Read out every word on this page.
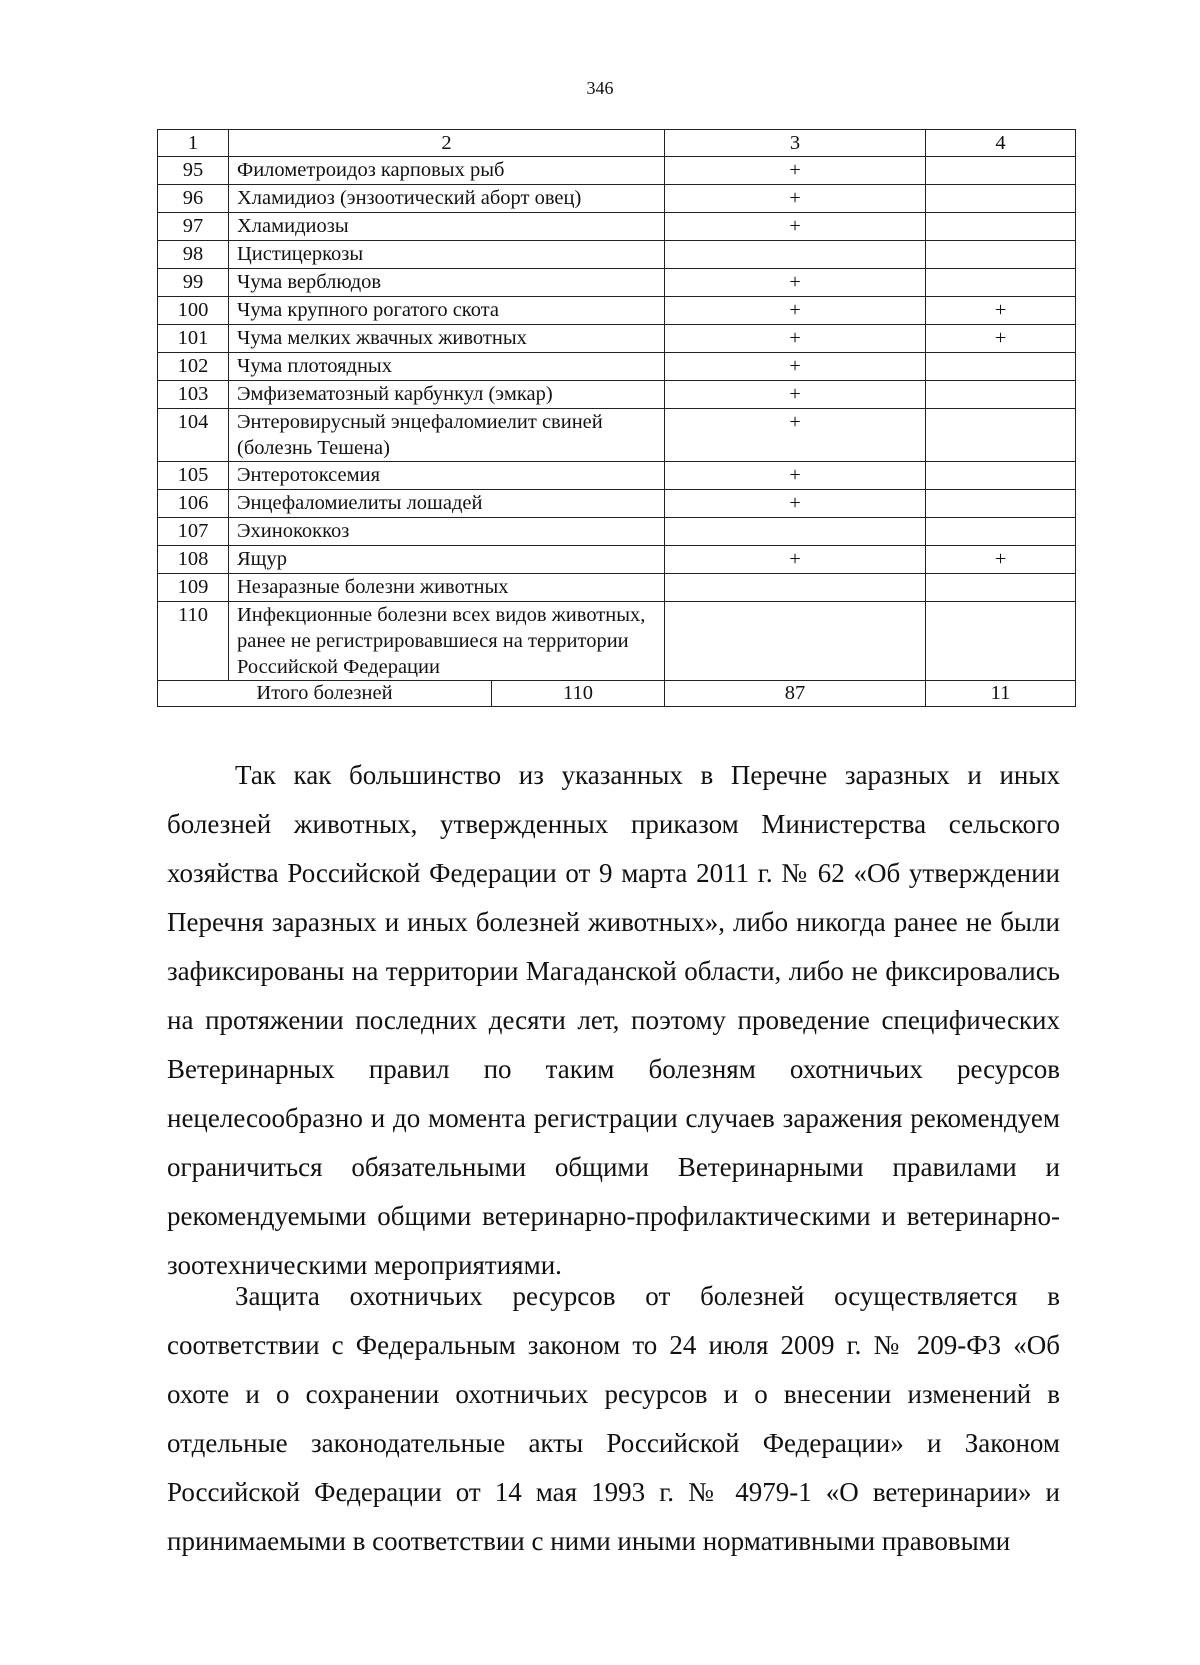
346
1	2		3	4
95	Филометроидоз карповых рыб		+	
96	Хламидиоз (энзоотический аборт овец)		+	
97	Хламидиозы		+	
98	Цистицеркозы			
99	Чума верблюдов		+	
100	Чума крупного рогатого скота		+	+
101	Чума мелких жвачных животных		+	+
102	Чума плотоядных		+	
103	Эмфизематозный карбункул (эмкар)		+	
104	Энтеровирусный энцефаломиелит свиней (болезнь Тешена)		+	
105	Энтеротоксемия		+	
106	Энцефаломиелиты лошадей		+	
107	Эхинококкоз			
108	Ящур		+	+
109	Незаразные болезни животных			
110	Инфекционные болезни всех видов животных, ранее не регистрировавшиеся на территории Российской Федерации			
Итого болезней		110	87	11

Так как большинство из указанных в Перечне заразных и иных болезней животных, утвержденных приказом Министерства сельского хозяйства Российской Федерации от 9 марта 2011 г. № 62 «Об утверждении Перечня заразных и иных болезней животных», либо никогда ранее не были зафиксированы на территории Магаданской области, либо не фиксировались на протяжении последних десяти лет, поэтому проведение специфических Ветеринарных правил по таким болезням охотничьих ресурсов нецелесообразно и до момента регистрации случаев заражения рекомендуем ограничиться обязательными общими Ветеринарными правилами и рекомендуемыми общими ветеринарно-профилактическими и ветеринарно-зоотехническими мероприятиями.

Защита охотничьих ресурсов от болезней осуществляется в соответствии с Федеральным законом то 24 июля 2009 г. № 209-ФЗ «Об охоте и о сохранении охотничьих ресурсов и о внесении изменений в отдельные законодательные акты Российской Федерации» и Законом Российской Федерации от 14 мая 1993 г. № 4979-1 «О ветеринарии» и принимаемыми в соответствии с ними иными нормативными правовыми
